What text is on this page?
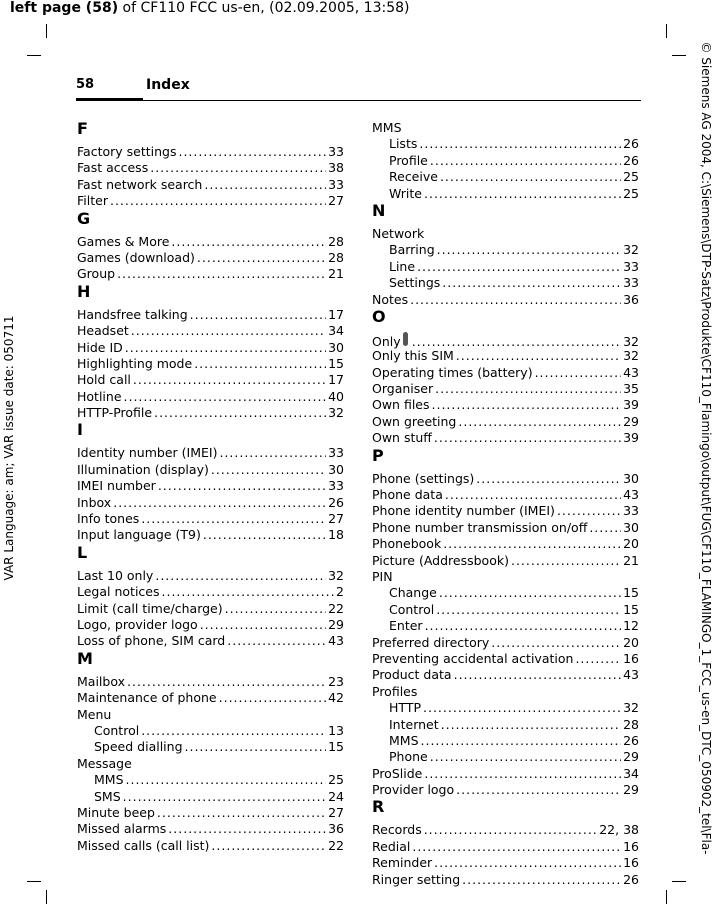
left page (58) of CF110 FCC us-en, (02.09.2005, 13:58)
VAR Language: am; VAR issue date: 050711	© Siemens AG 2004, C:\Siemens\DTP-Satz\Produkte\CF110_Flamingo\output\FUG\CF110_FLAMINGO_1_FCC_us-en_DTC_050902_tel\Fla-
58	Index
F
Factory settings .....	33
Fast access .....	38
Fast network search .....	33
Filter .....	27
G
Games & More .....	28
Games (download) .....	28
Group .....	21
H
Handsfree talking .....	17
Headset .....	34
Hide ID .....	30
Highlighting mode .....	15
Hold call .....	17
Hotline .....	40
HTTP-Profile .....	32
I
Identity number (IMEI) .....	33
Illumination (display) .....	30
IMEI number .....	33
Inbox .....	26
Info tones .....	27
Input language (T9) .....	18
L
Last 10 only .....	32
Legal notices .....	2
Limit (call time/charge) .....	22
Logo, provider logo .....	29
Loss of phone, SIM card .....	43
M
Mailbox .....	23
Maintenance of phone .....	42
Menu
Control .....	13
Speed dialling .....	15
Message
MMS .....	25
SMS .....	24
Minute beep .....	27
Missed alarms .....	36
Missed calls (call list) .....	22
MMS
Lists .....	26
Profile .....	26
Receive .....	25
Write .....	25
N
Network
Barring .....	32
Line .....	33
Settings .....	33
Notes .....	36
O
Only .....	32
Only this SIM .....	32
Operating times (battery) .....	43
Organiser .....	35
Own files .....	39
Own greeting .....	29
Own stuff .....	39
P
Phone (settings) .....	30
Phone data .....	43
Phone identity number (IMEI) .....	33
Phone number transmission on/off .....	30
Phonebook .....	20
Picture (Addressbook) .....	21
PIN
Change .....	15
Control .....	15
Enter .....	12
Preferred directory .....	20
Preventing accidental activation .....	16
Product data .....	43
Profiles
HTTP .....	32
Internet .....	28
MMS .....	26
Phone .....	29
ProSlide .....	34
Provider logo .....	29
R
Records .....	22, 38
Redial .....	16
Reminder .....	16
Ringer setting .....	26
